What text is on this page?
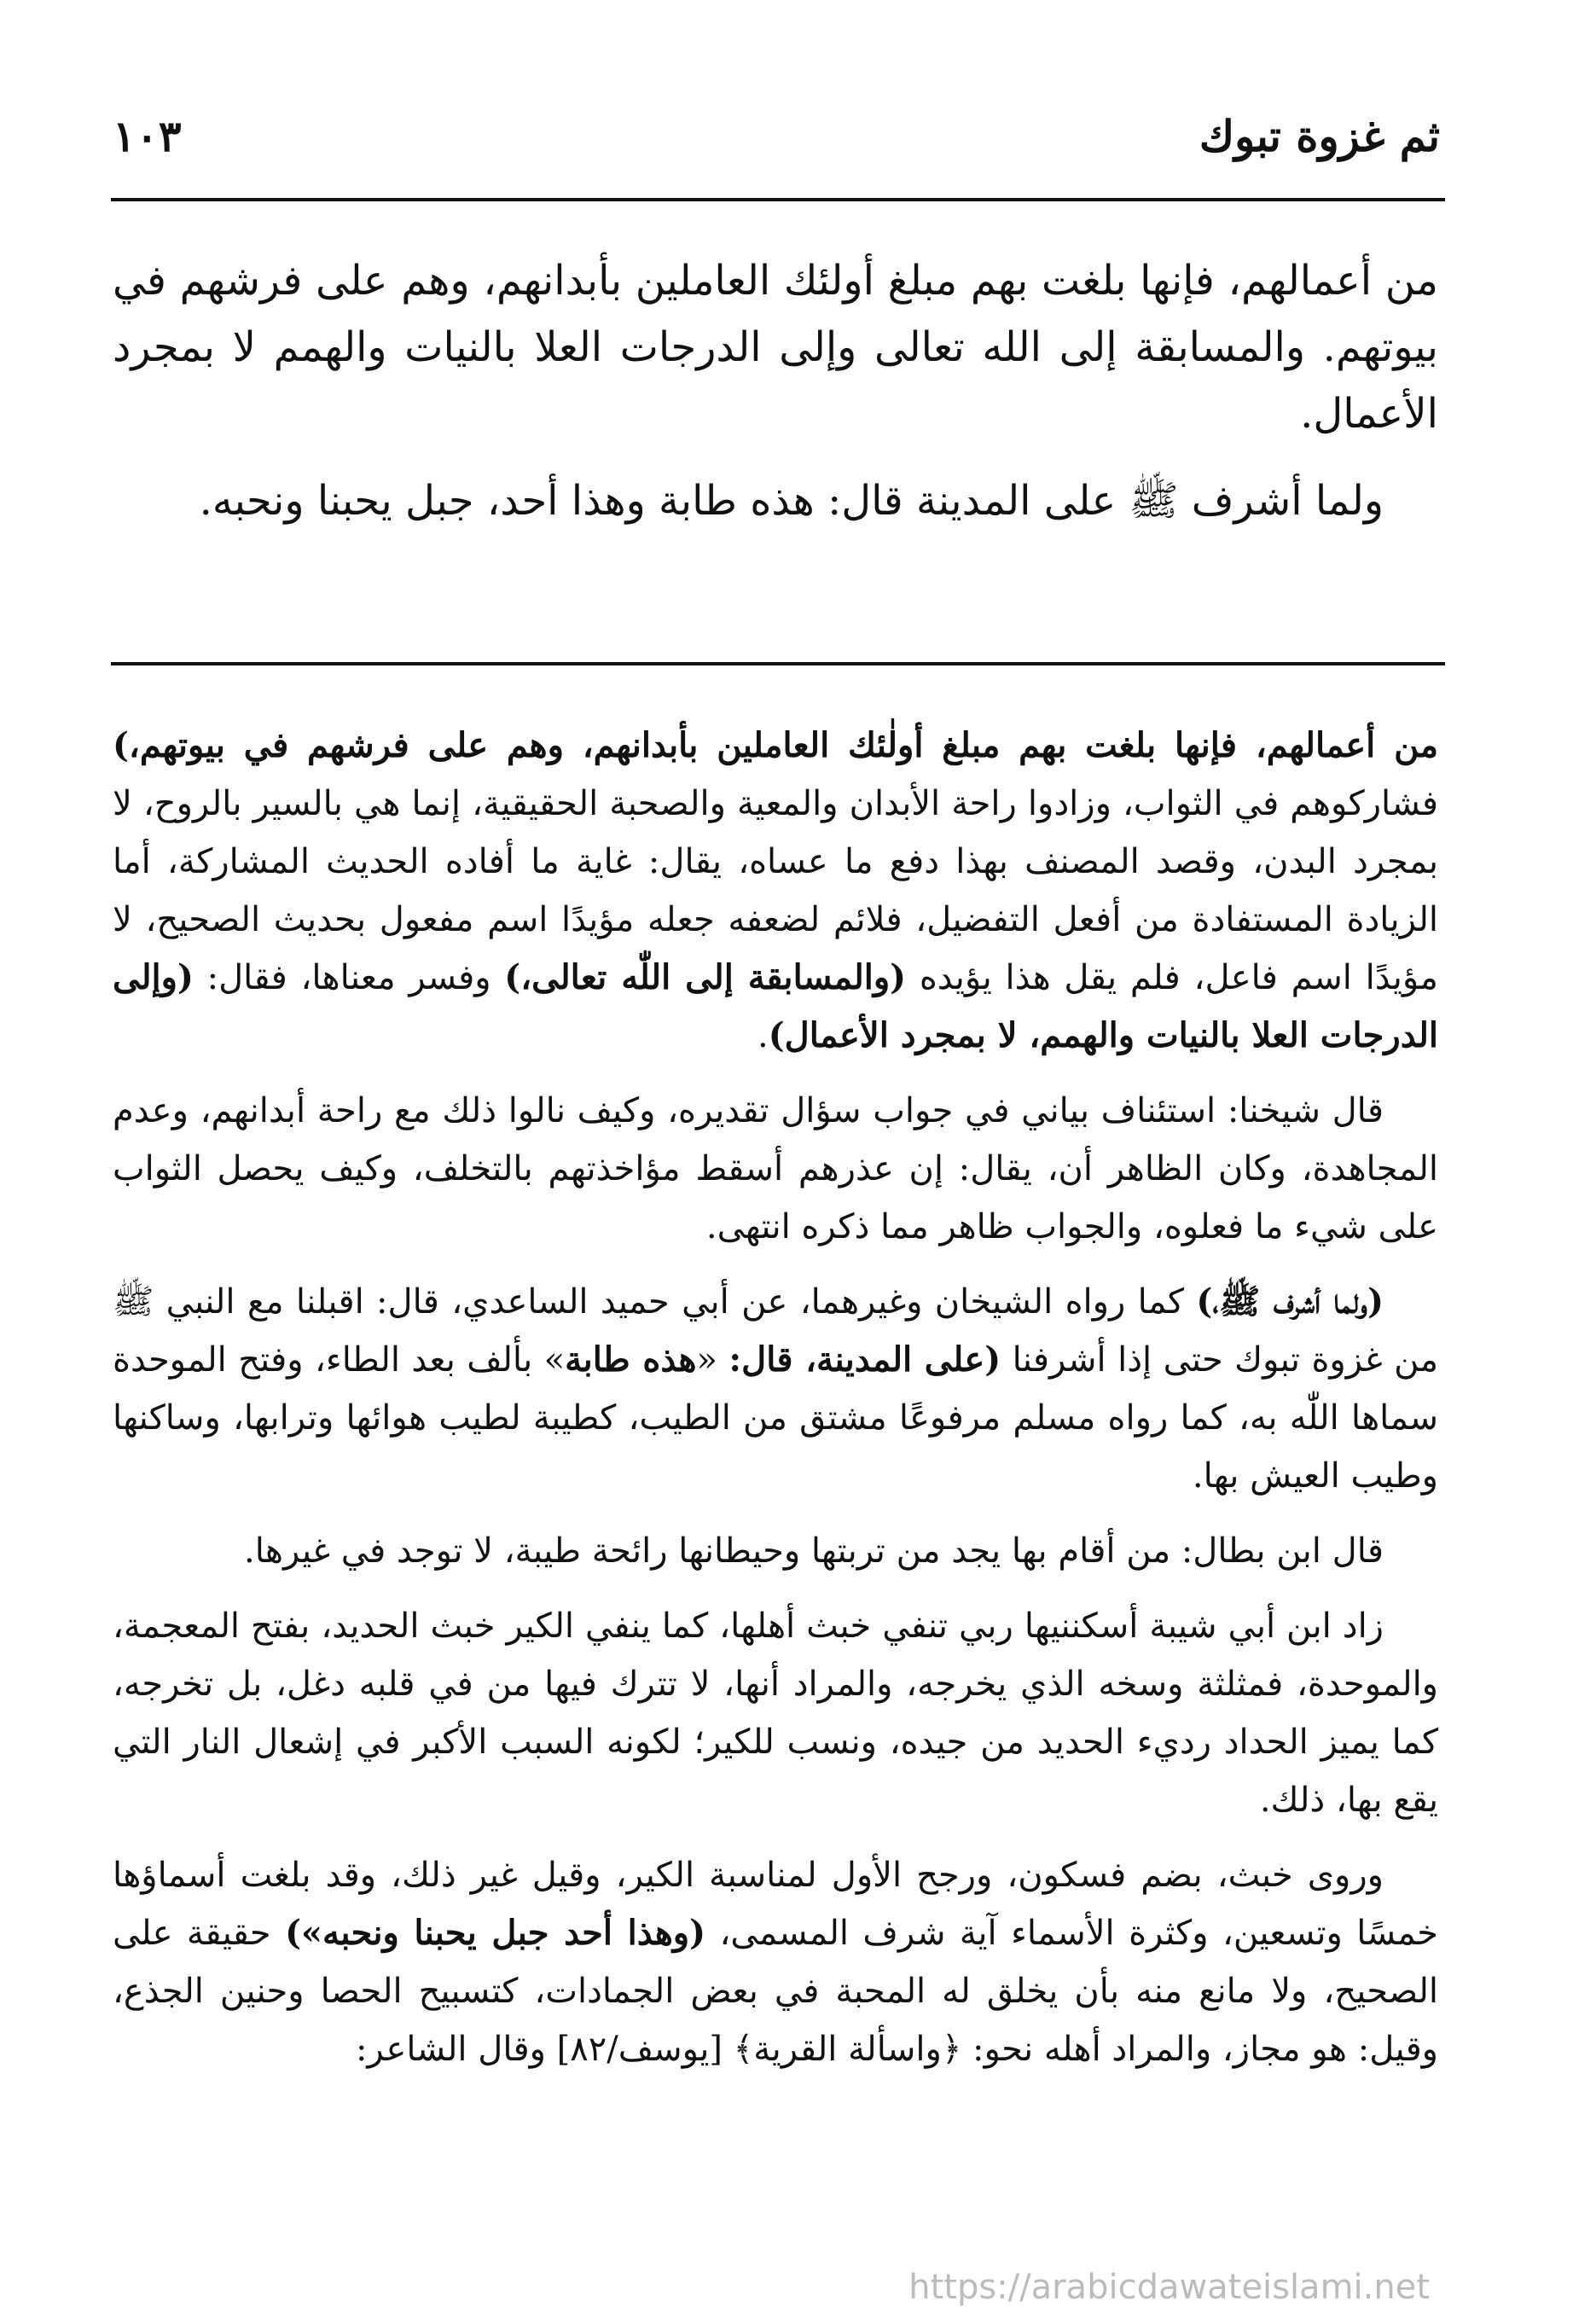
ثم غزوة تبوك
١٠٣

من أعمالهم، فإنها بلغت بهم مبلغ أولئك العاملين بأبدانهم، وهم على فرشهم في بيوتهم. والمسابقة إلى الله تعالى وإلى الدرجات العلا بالنيات والهمم لا بمجرد الأعمال.

ولما أشرف ﷺ على المدينة قال: هذه طابة وهذا أحد، جبل يحبنا ونحبه.

من أعمالهم، فإنها بلغت بهم مبلغ أولٰئك العاملين بأبدانهم، وهم على فرشهم في بيوتهم،) فشاركوهم في الثواب، وزادوا راحة الأبدان والمعية والصحبة الحقيقية، إنما هي بالسير بالروح، لا بمجرد البدن، وقصد المصنف بهذا دفع ما عساه، يقال: غاية ما أفاده الحديث المشاركة، أما الزيادة المستفادة من أفعل التفضيل، فلائم لضعفه جعله مؤيدًا اسم مفعول بحديث الصحيح، لا مؤيدًا اسم فاعل، فلم يقل هذا يؤيده (والمسابقة إلى اللّٰه تعالى،) وفسر معناها، فقال: (وإلى الدرجات العلا بالنيات والهمم، لا بمجرد الأعمال).

قال شيخنا: استئناف بياني في جواب سؤال تقديره، وكيف نالوا ذلك مع راحة أبدانهم، وعدم المجاهدة، وكان الظاهر أن، يقال: إن عذرهم أسقط مؤاخذتهم بالتخلف، وكيف يحصل الثواب على شيء ما فعلوه، والجواب ظاهر مما ذكره انتهى.

(ولما أشرف ﷺ،) كما رواه الشيخان وغيرهما، عن أبي حميد الساعدي، قال: اقبلنا مع النبي ﷺ من غزوة تبوك حتى إذا أشرفنا (على المدينة، قال: «هذه طابة» بألف بعد الطاء، وفتح الموحدة سماها اللّٰه به، كما رواه مسلم مرفوعًا مشتق من الطيب، كطيبة لطيب هوائها وترابها، وساكنها وطيب العيش بها.

قال ابن بطال: من أقام بها يجد من تربتها وحيطانها رائحة طيبة، لا توجد في غيرها.

زاد ابن أبي شيبة أسكننيها ربي تنفي خبث أهلها، كما ينفي الكير خبث الحديد، بفتح المعجمة، والموحدة، فمثلثة وسخه الذي يخرجه، والمراد أنها، لا تترك فيها من في قلبه دغل، بل تخرجه، كما يميز الحداد رديء الحديد من جيده، ونسب للكير؛ لكونه السبب الأكبر في إشعال النار التي يقع بها، ذلك.

وروى خبث، بضم فسكون، ورجح الأول لمناسبة الكير، وقيل غير ذلك، وقد بلغت أسماؤها خمسًا وتسعين، وكثرة الأسماء آية شرف المسمى، (وهذا أحد جبل يحبنا ونحبه») حقيقة على الصحيح، ولا مانع منه بأن يخلق له المحبة في بعض الجمادات، كتسبيح الحصا وحنين الجذع، وقيل: هو مجاز، والمراد أهله نحو: ﴿واسألة القرية﴾ [يوسف/٨٢] وقال الشاعر:

https://arabicdawateislami.net
